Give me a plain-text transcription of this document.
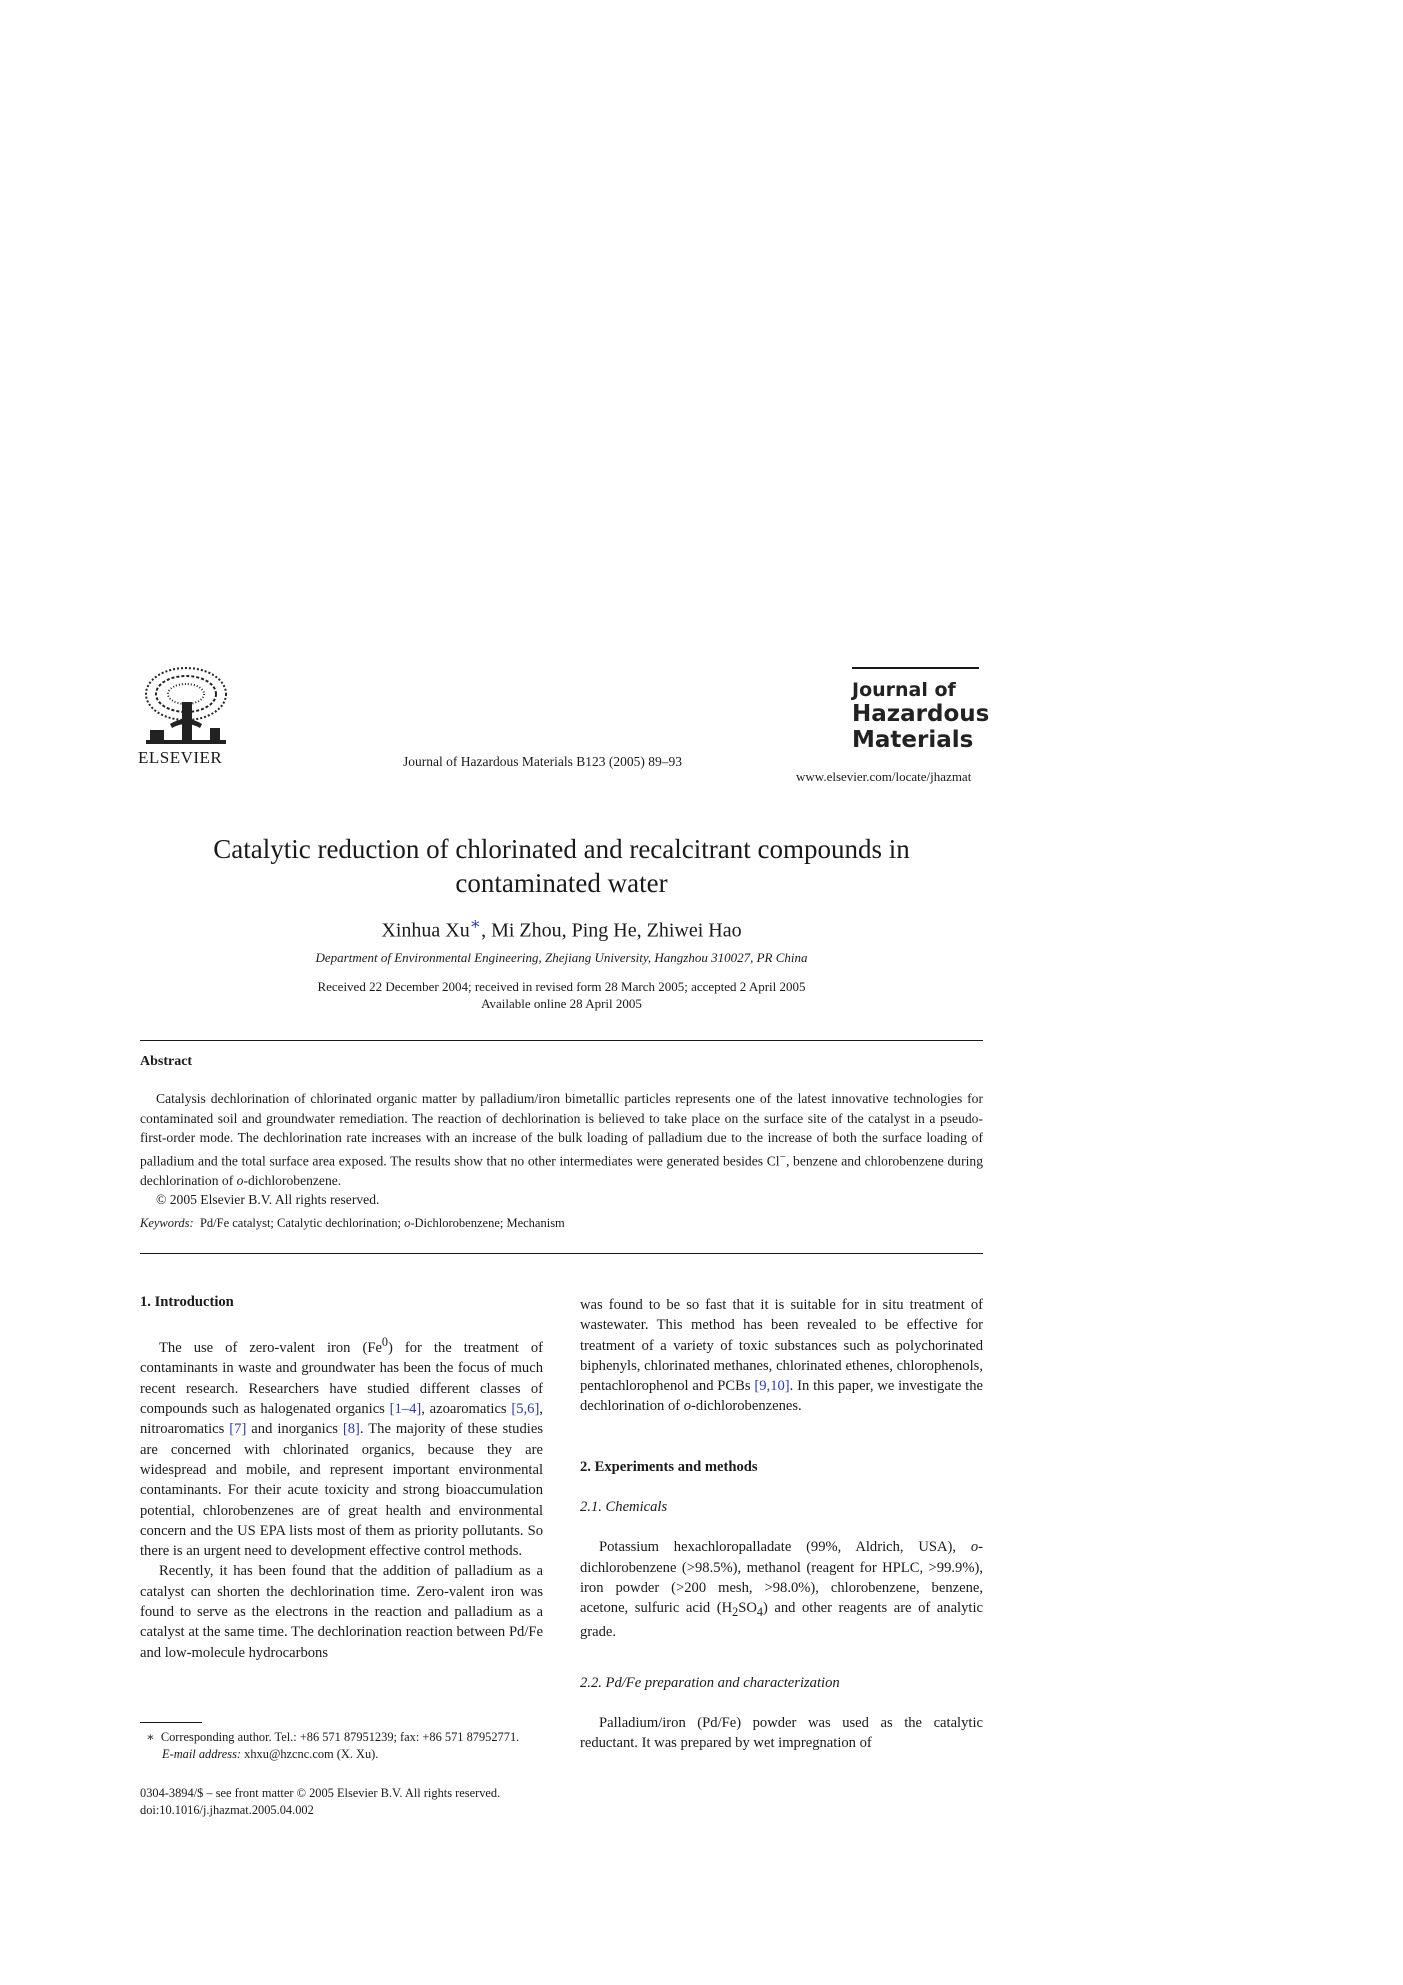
ELSEVIER	Journal of Hazardous Materials B123 (2005) 89–93
Journal of
Hazardous
Materials
www.elsevier.com/locate/jhazmat
Catalytic reduction of chlorinated and recalcitrant compounds in
contaminated water
Xinhua Xu∗, Mi Zhou, Ping He, Zhiwei Hao
Department of Environmental Engineering, Zhejiang University, Hangzhou 310027, PR China
Received 22 December 2004; received in revised form 28 March 2005; accepted 2 April 2005
Available online 28 April 2005
Abstract

Catalysis dechlorination of chlorinated organic matter by palladium/iron bimetallic particles represents one of the latest innovative technologies for contaminated soil and groundwater remediation. The reaction of dechlorination is believed to take place on the surface site of the catalyst in a pseudo-first-order mode. The dechlorination rate increases with an increase of the bulk loading of palladium due to the increase of both the surface loading of palladium and the total surface area exposed. The results show that no other intermediates were generated besides Cl−, benzene and chlorobenzene during dechlorination of o-dichlorobenzene.

© 2005 Elsevier B.V. All rights reserved.

Keywords: Pd/Fe catalyst; Catalytic dechlorination; o-Dichlorobenzene; Mechanism
1. Introduction

The use of zero-valent iron (Fe$^0$) for the treatment of contaminants in waste and groundwater has been the focus of much recent research. Researchers have studied different classes of compounds such as halogenated organics [1–4], azoaromatics [5,6], nitroaromatics [7] and inorganics [8]. The majority of these studies are concerned with chlorinated organics, because they are widespread and mobile, and represent important environmental contaminants. For their acute toxicity and strong bioaccumulation potential, chlorobenzenes are of great health and environmental concern and the US EPA lists most of them as priority pollutants. So there is an urgent need to development effective control methods.

Recently, it has been found that the addition of palladium as a catalyst can shorten the dechlorination time. Zero-valent iron was found to serve as the electrons in the reaction and palladium as a catalyst at the same time. The dechlorination reaction between Pd/Fe and low-molecule hydrocarbons

was found to be so fast that it is suitable for in situ treatment of wastewater. This method has been revealed to be effective for treatment of a variety of toxic substances such as polychorinated biphenyls, chlorinated methanes, chlorinated ethenes, chlorophenols, pentachlorophenol and PCBs [9,10]. In this paper, we investigate the dechlorination of o-dichlorobenzenes.

2. Experiments and methods
2.1. Chemicals

Potassium hexachloropalladate (99%, Aldrich, USA), o-dichlorobenzene (>98.5%), methanol (reagent for HPLC, >99.9%), iron powder (>200 mesh, >98.0%), chlorobenzene, benzene, acetone, sulfuric acid $(H_2SO_4)$ and other reagents are of analytic grade.

2.2. Pd/Fe preparation and characterization

Palladium/iron (Pd/Fe) powder was used as the catalytic reductant. It was prepared by wet impregnation of

∗ Corresponding author. Tel.: +86 571 87951239; fax: +86 571 87952771.
E-mail address: xhxu@hzcnc.com (X. Xu).
0304-3894/$ – see front matter © 2005 Elsevier B.V. All rights reserved.
doi:10.1016/j.jhazmat.2005.04.002
